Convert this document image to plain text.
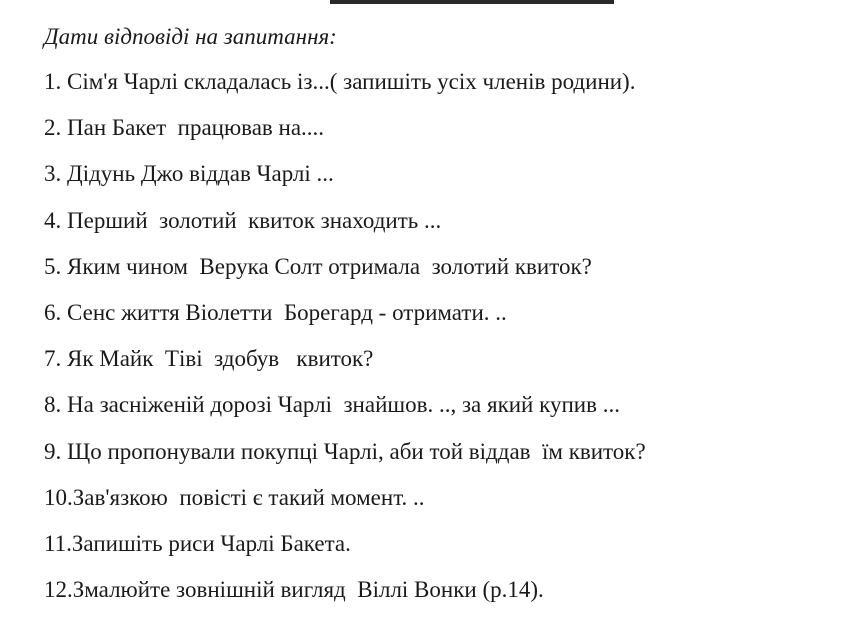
Дати відповіді на запитання:
1. Сім'я Чарлі складалась із...( запишіть усіх членів родини).
2. Пан Бакет  працював на....
3. Дідунь Джо віддав Чарлі ...
4. Перший  золотий  квиток знаходить ...
5. Яким чином  Верука Солт отримала  золотий квиток?
6. Сенс життя Віолетти  Борегард - отримати. ..
7. Як Майк  Тіві  здобув   квиток?
8. На засніженій дорозі Чарлі  знайшов. .., за який купив ...
9. Що пропонували покупці Чарлі, аби той віддав  їм квиток?
10.Зав'язкою  повісті є такий момент. ..
11.Запишіть риси Чарлі Бакета.
12.Змалюйте зовнішній вигляд  Віллі Вонки (р.14).
